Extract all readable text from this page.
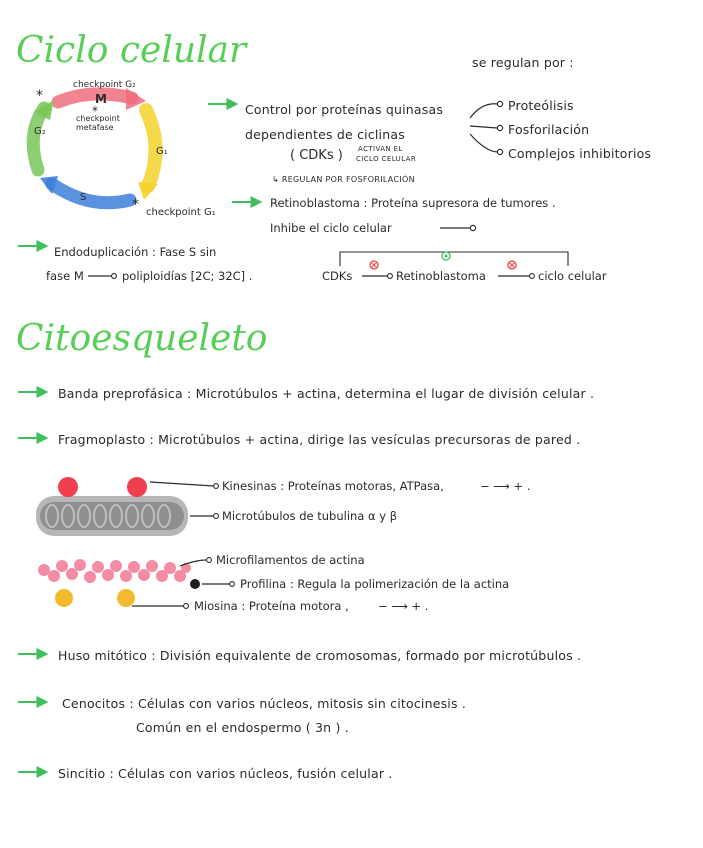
Ciclo celular
*
checkpoint G₂
M
*
checkpoint
metafase
G₂
G₁
S	* checkpoint G₁
se regulan por :
Control por proteínas quinasas
dependientes de ciclinas
( CDKs ) ACTIVAN EL
CICLO CELULAR
↳ REGULAN POR FOSFORILACIÓN
Proteólisis
Fosforilación
Complejos inhibitorios
Retinoblastoma : Proteína supresora de tumores .
Inhibe el ciclo celular
CDKs	Retinoblastoma	ciclo celular
Endoduplicación : Fase S sin
fase M	poliploidías [2C; 32C] .
Citoesqueleto
Banda preprofásica : Microtúbulos + actina, determina el lugar de división celular .
Fragmoplasto : Microtúbulos + actina, dirige las vesículas precursoras de pared .
Kinesinas : Proteínas motoras, ATPasa,	− ⟶ + .
Microtúbulos de tubulina α y β
Microfilamentos de actina
Profilina : Regula la polimerización de la actina
Miosina : Proteína motora ,	− ⟶ + .
Huso mitótico : División equivalente de cromosomas, formado por microtúbulos .
Cenocitos : Células con varios núcleos, mitosis sin citocinesis .
Común en el endospermo ( 3n ) .
Sincitio : Células con varios núcleos, fusión celular .
